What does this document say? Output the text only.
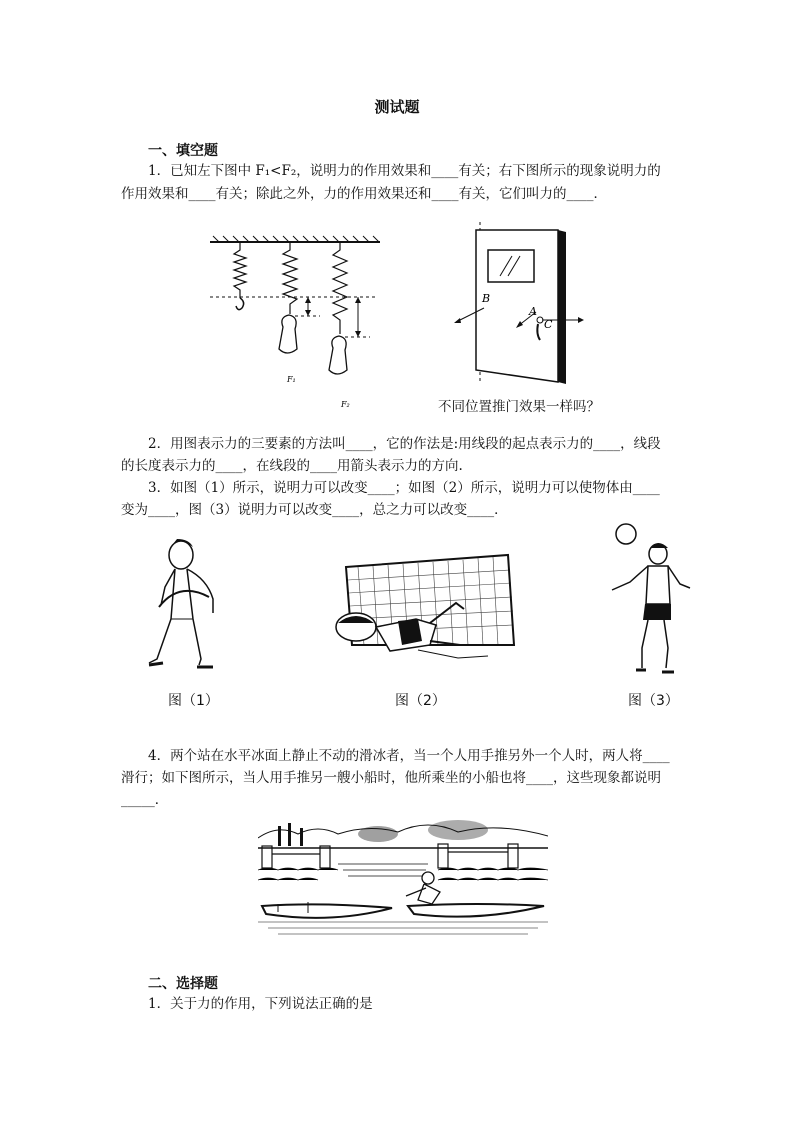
测试题
一、填空题
1．已知左下图中 F₁<F₂，说明力的作用效果和____有关；右下图所示的现象说明力的
作用效果和____有关；除此之外，力的作用效果还和____有关，它们叫力的____．
F₁
F₂
B
A
C
不同位置推门效果一样吗？
2．用图表示力的三要素的方法叫____，它的作法是:用线段的起点表示力的____，线段
的长度表示力的____，在线段的____用箭头表示力的方向.
3．如图（1）所示，说明力可以改变____；如图（2）所示，说明力可以使物体由____
变为____，图（3）说明力可以改变____，总之力可以改变____．
图（1）	图（2）	图（3）
4．两个站在水平冰面上静止不动的滑冰者，当一个人用手推另外一个人时，两人将____
滑行；如下图所示，当人用手推另一艘小船时，他所乘坐的小船也将____，这些现象都说明
_____．
二、选择题
1．关于力的作用，下列说法正确的是
